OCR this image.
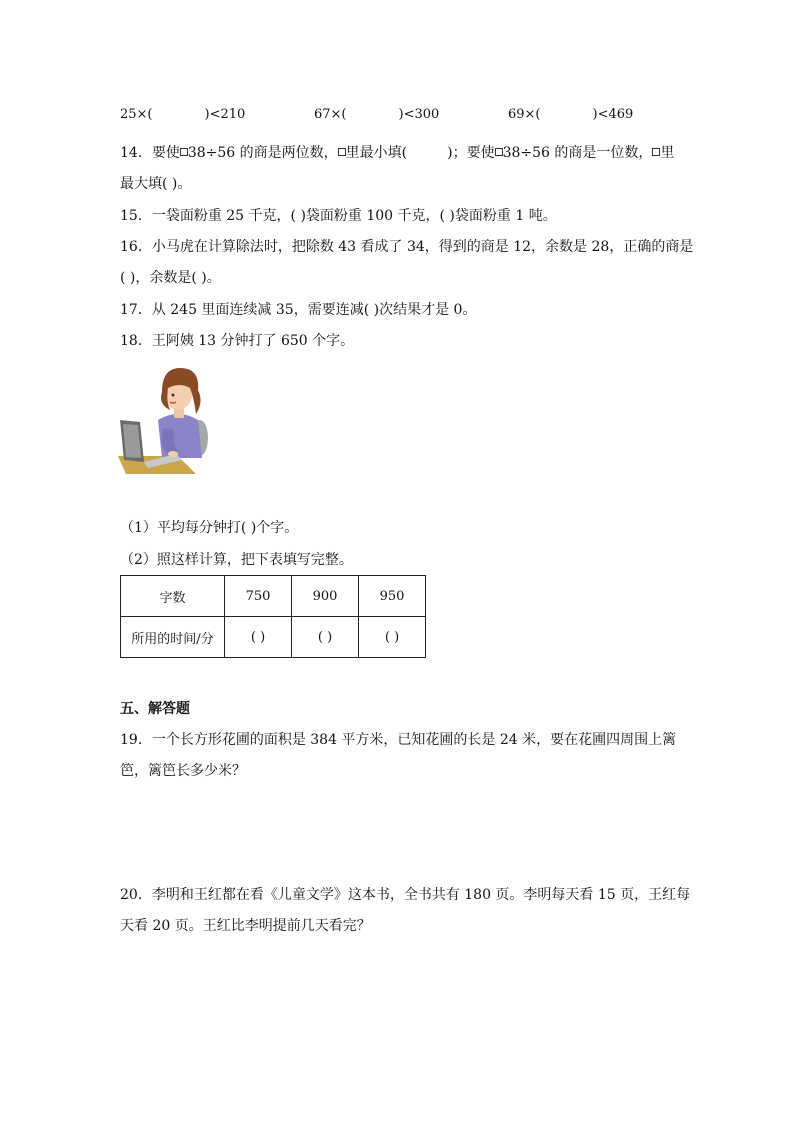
25×(	)<210	67×(	)<300	69×(	)<469
14．要使 38÷56 的商是两位数， 里最小填(	)；要使 38÷56 的商是一位数， 里
最大填( )。
15．一袋面粉重 25 千克，( )袋面粉重 100 千克，( )袋面粉重 1 吨。
16．小马虎在计算除法时，把除数 43 看成了 34，得到的商是 12，余数是 28，正确的商是
( )，余数是( )。
17．从 245 里面连续减 35，需要连减( )次结果才是 0。
18．王阿姨 13 分钟打了 650 个字。
（1）平均每分钟打( )个字。
（2）照这样计算，把下表填写完整。
字数	750	900	950
所用的时间/分	( )	( )	( )
五、解答题
19．一个长方形花圃的面积是 384 平方米，已知花圃的长是 24 米，要在花圃四周围上篱
笆，篱笆长多少米？
20．李明和王红都在看《儿童文学》这本书，全书共有 180 页。李明每天看 15 页，王红每
天看 20 页。王红比李明提前几天看完？
